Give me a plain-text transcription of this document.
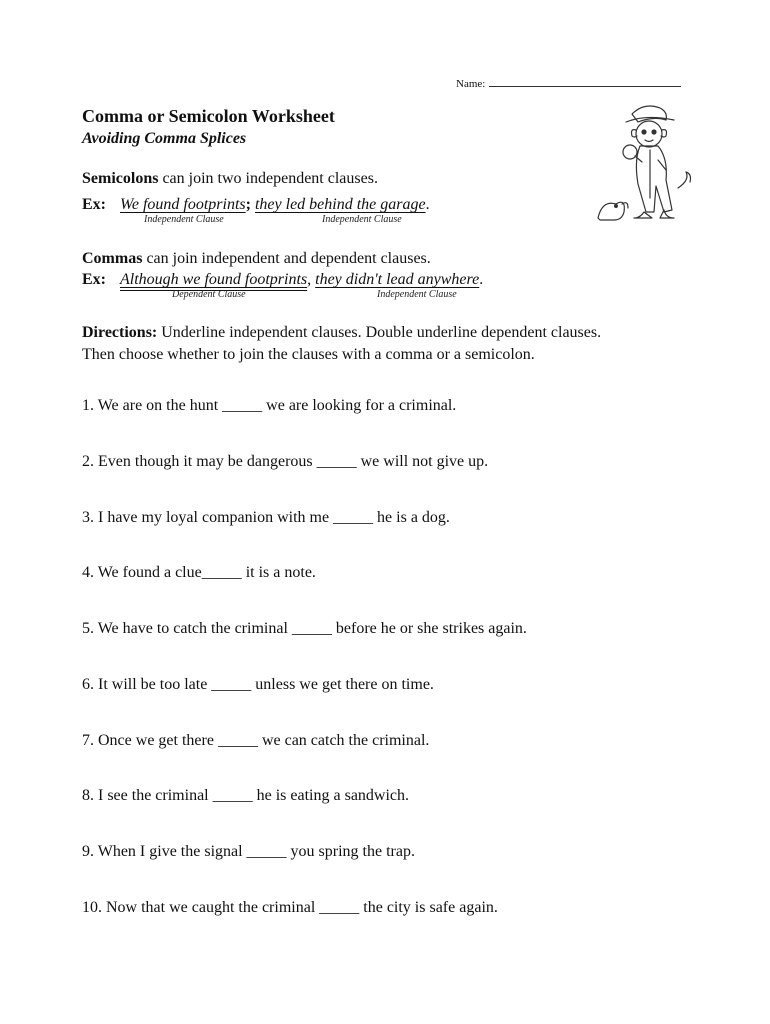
Name:
Comma or Semicolon Worksheet
Avoiding Comma Splices
Semicolons can join two independent clauses.
Ex: We found footprints; they led behind the garage.
Independent Clause	Independent Clause
Commas can join independent and dependent clauses.
Ex: Although we found footprints, they didn't lead anywhere.
Dependent Clause	Independent Clause
Directions: Underline independent clauses. Double underline dependent clauses.
Then choose whether to join the clauses with a comma or a semicolon.
1. We are on the hunt _____ we are looking for a criminal.
2. Even though it may be dangerous _____ we will not give up.
3. I have my loyal companion with me _____ he is a dog.
4. We found a clue_____ it is a note.
5. We have to catch the criminal _____ before he or she strikes again.
6. It will be too late _____ unless we get there on time.
7. Once we get there _____ we can catch the criminal.
8. I see the criminal _____ he is eating a sandwich.
9. When I give the signal _____ you spring the trap.
10. Now that we caught the criminal _____ the city is safe again.
